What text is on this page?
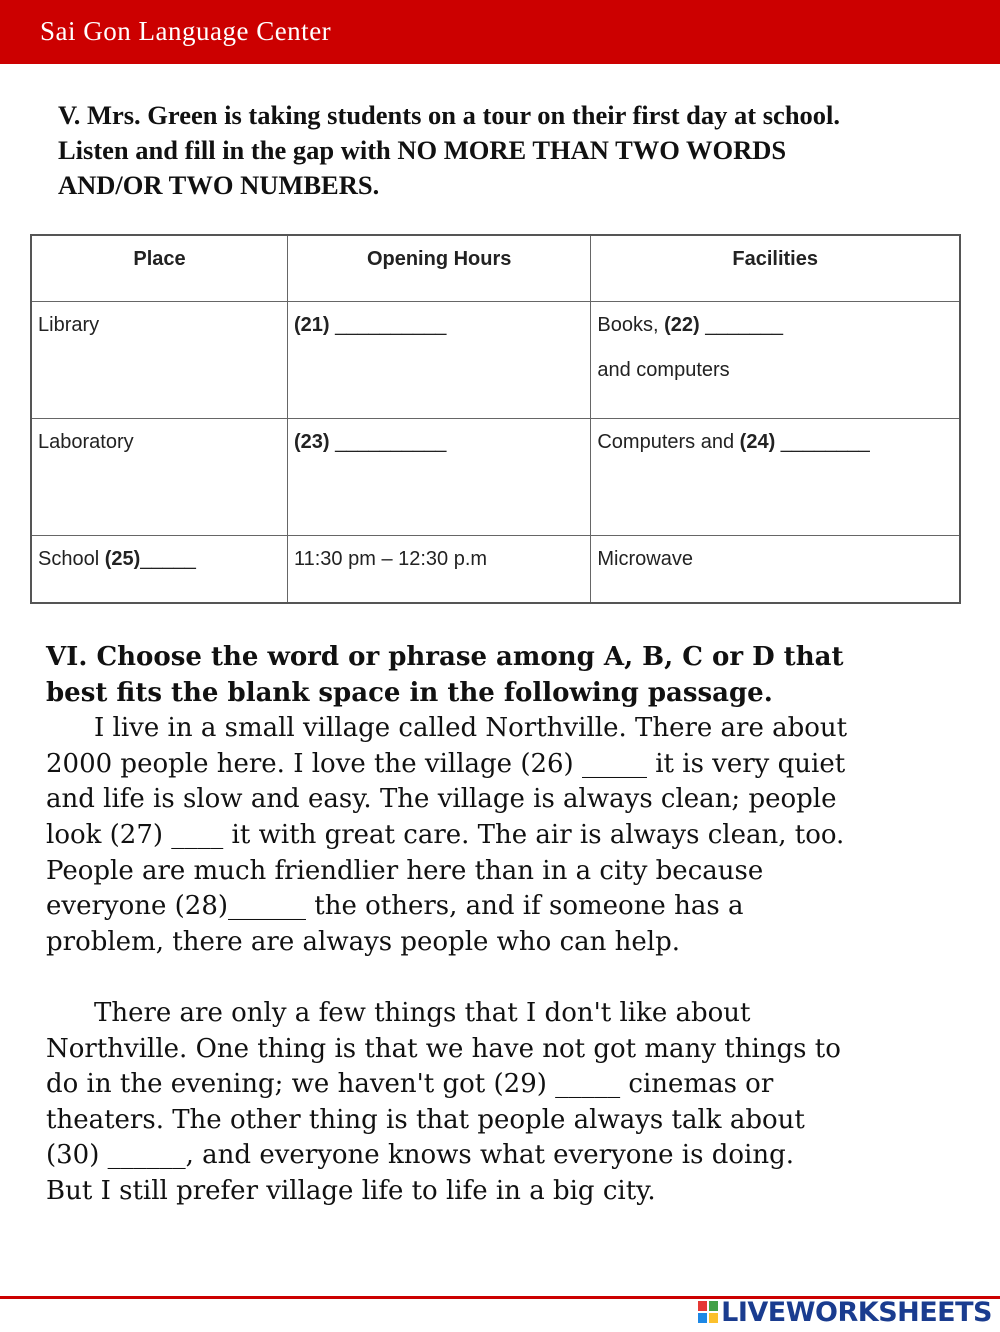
Sai Gon Language Center
V. Mrs. Green is taking students on a tour on their first day at school.
Listen and fill in the gap with NO MORE THAN TWO WORDS
AND/OR TWO NUMBERS.
Place	Opening Hours	Facilities
Library	(21) __________	Books, (22) _______
and computers

Laboratory	(23) __________	Computers and (24) ________
School (25)_____	11:30 pm – 12:30 p.m	Microwave
VI. Choose the word or phrase among A, B, C or D that
best fits the blank space in the following passage.
I live in a small village called Northville. There are about
2000 people here. I love the village (26) _____ it is very quiet
and life is slow and easy. The village is always clean; people
look (27) ____ it with great care. The air is always clean, too.
People are much friendlier here than in a city because
everyone (28)______ the others, and if someone has a
problem, there are always people who can help.
There are only a few things that I don't like about
Northville. One thing is that we have not got many things to
do in the evening; we haven't got (29) _____ cinemas or
theaters. The other thing is that people always talk about
(30) ______, and everyone knows what everyone is doing.
But I still prefer village life to life in a big city.
LIVEWORKSHEETS
